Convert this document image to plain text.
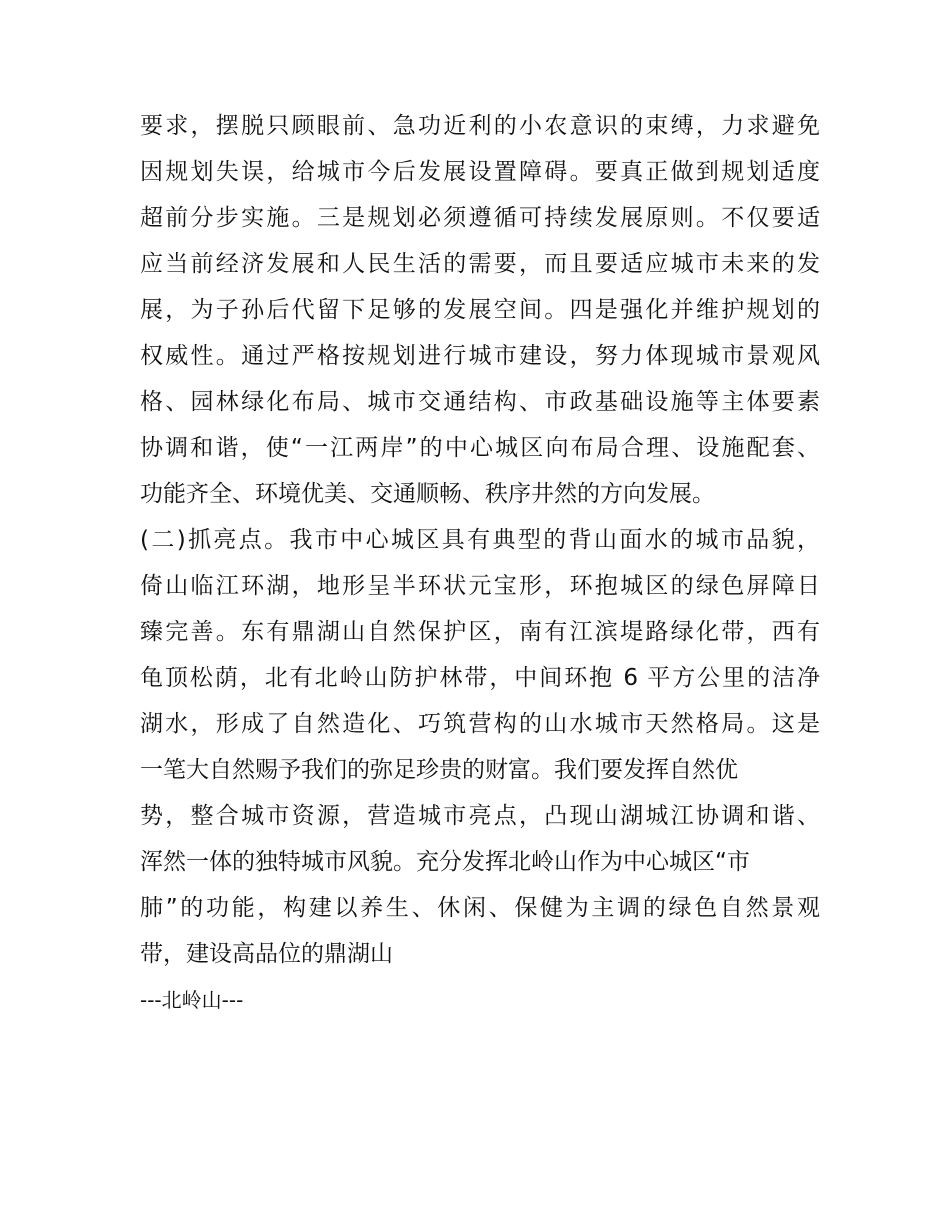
要求，摆脱只顾眼前、急功近利的小农意识的束缚，力求避免
因规划失误，给城市今后发展设置障碍。要真正做到规划适度
超前分步实施。三是规划必须遵循可持续发展原则。不仅要适
应当前经济发展和人民生活的需要，而且要适应城市未来的发
展，为子孙后代留下足够的发展空间。四是强化并维护规划的
权威性。通过严格按规划进行城市建设，努力体现城市景观风
格、园林绿化布局、城市交通结构、市政基础设施等主体要素
协调和谐，使“一江两岸”的中心城区向布局合理、设施配套、
功能齐全、环境优美、交通顺畅、秩序井然的方向发展。
(二)抓亮点。我市中心城区具有典型的背山面水的城市品貌，
倚山临江环湖，地形呈半环状元宝形，环抱城区的绿色屏障日
臻完善。东有鼎湖山自然保护区，南有江滨堤路绿化带，西有
龟顶松荫，北有北岭山防护林带，中间环抱 6 平方公里的洁净
湖水，形成了自然造化、巧筑营构的山水城市天然格局。这是
一笔大自然赐予我们的弥足珍贵的财富。我们要发挥自然优
势，整合城市资源，营造城市亮点，凸现山湖城江协调和谐、
浑然一体的独特城市风貌。充分发挥北岭山作为中心城区“市
肺”的功能，构建以养生、休闲、保健为主调的绿色自然景观
带，建设高品位的鼎湖山
---北岭山---
